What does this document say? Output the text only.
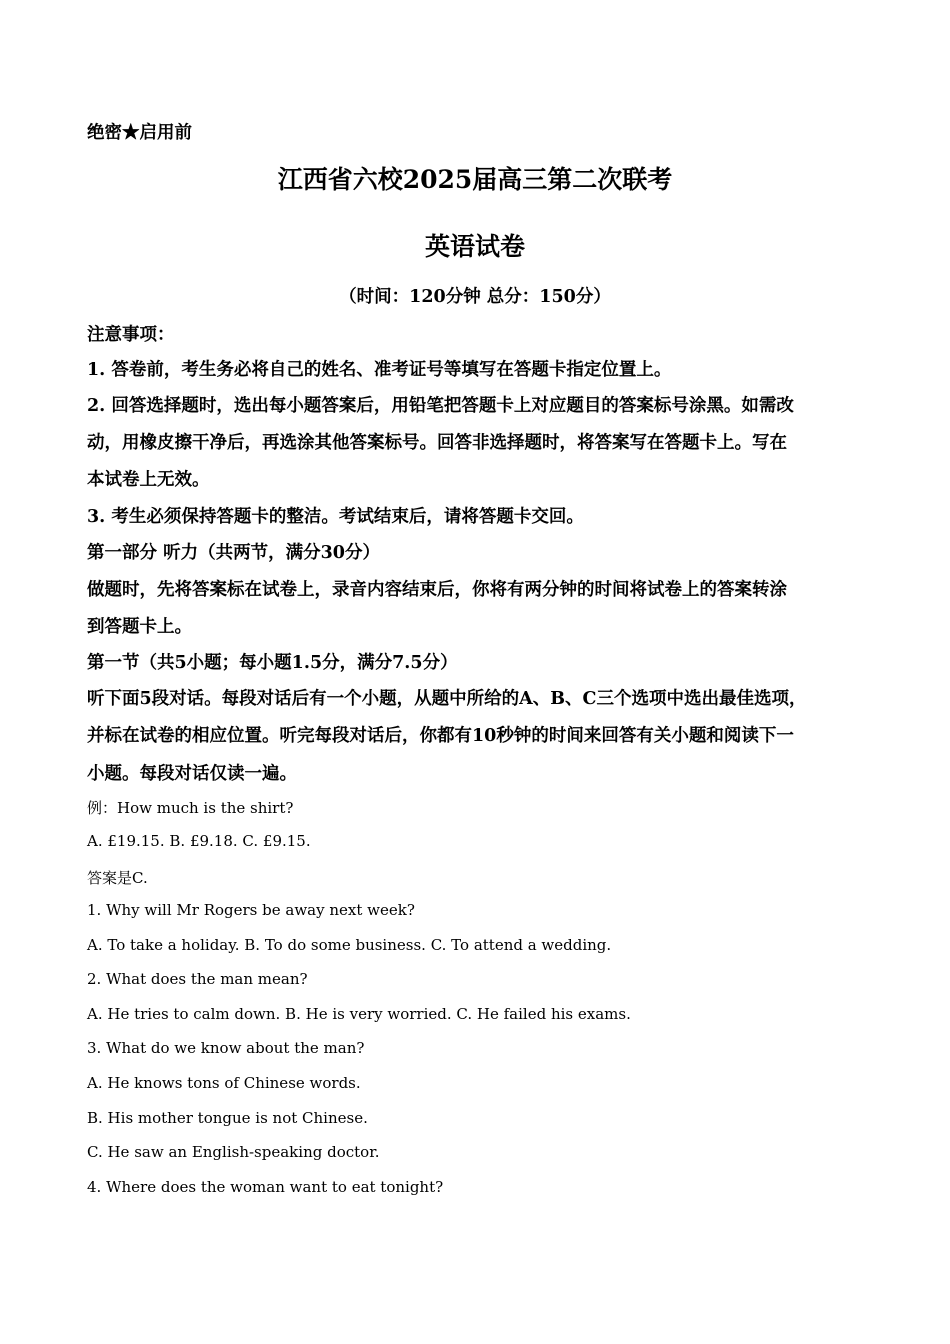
绝密★启用前
江西省六校2025届高三第二次联考
英语试卷
（时间：120分钟 总分：150分）
注意事项：
1. 答卷前，考生务必将自己的姓名、准考证号等填写在答题卡指定位置上。
2. 回答选择题时，选出每小题答案后，用铅笔把答题卡上对应题目的答案标号涂黑。如需改
动，用橡皮擦干净后，再选涂其他答案标号。回答非选择题时，将答案写在答题卡上。写在
本试卷上无效。
3. 考生必须保持答题卡的整洁。考试结束后，请将答题卡交回。
第一部分 听力（共两节，满分30分）
做题时，先将答案标在试卷上，录音内容结束后，你将有两分钟的时间将试卷上的答案转涂
到答题卡上。
第一节（共5小题；每小题1.5分，满分7.5分）
听下面5段对话。每段对话后有一个小题，从题中所给的A、B、C三个选项中选出最佳选项，
并标在试卷的相应位置。听完每段对话后，你都有10秒钟的时间来回答有关小题和阅读下一
小题。每段对话仅读一遍。
例：How much is the shirt?
A. £19.15. B. £9.18. C. £9.15.
答案是C.
1. Why will Mr Rogers be away next week?
A. To take a holiday. B. To do some business. C. To attend a wedding.
2. What does the man mean?
A. He tries to calm down. B. He is very worried. C. He failed his exams.
3. What do we know about the man?
A. He knows tons of Chinese words.
B. His mother tongue is not Chinese.
C. He saw an English-speaking doctor.
4. Where does the woman want to eat tonight?
